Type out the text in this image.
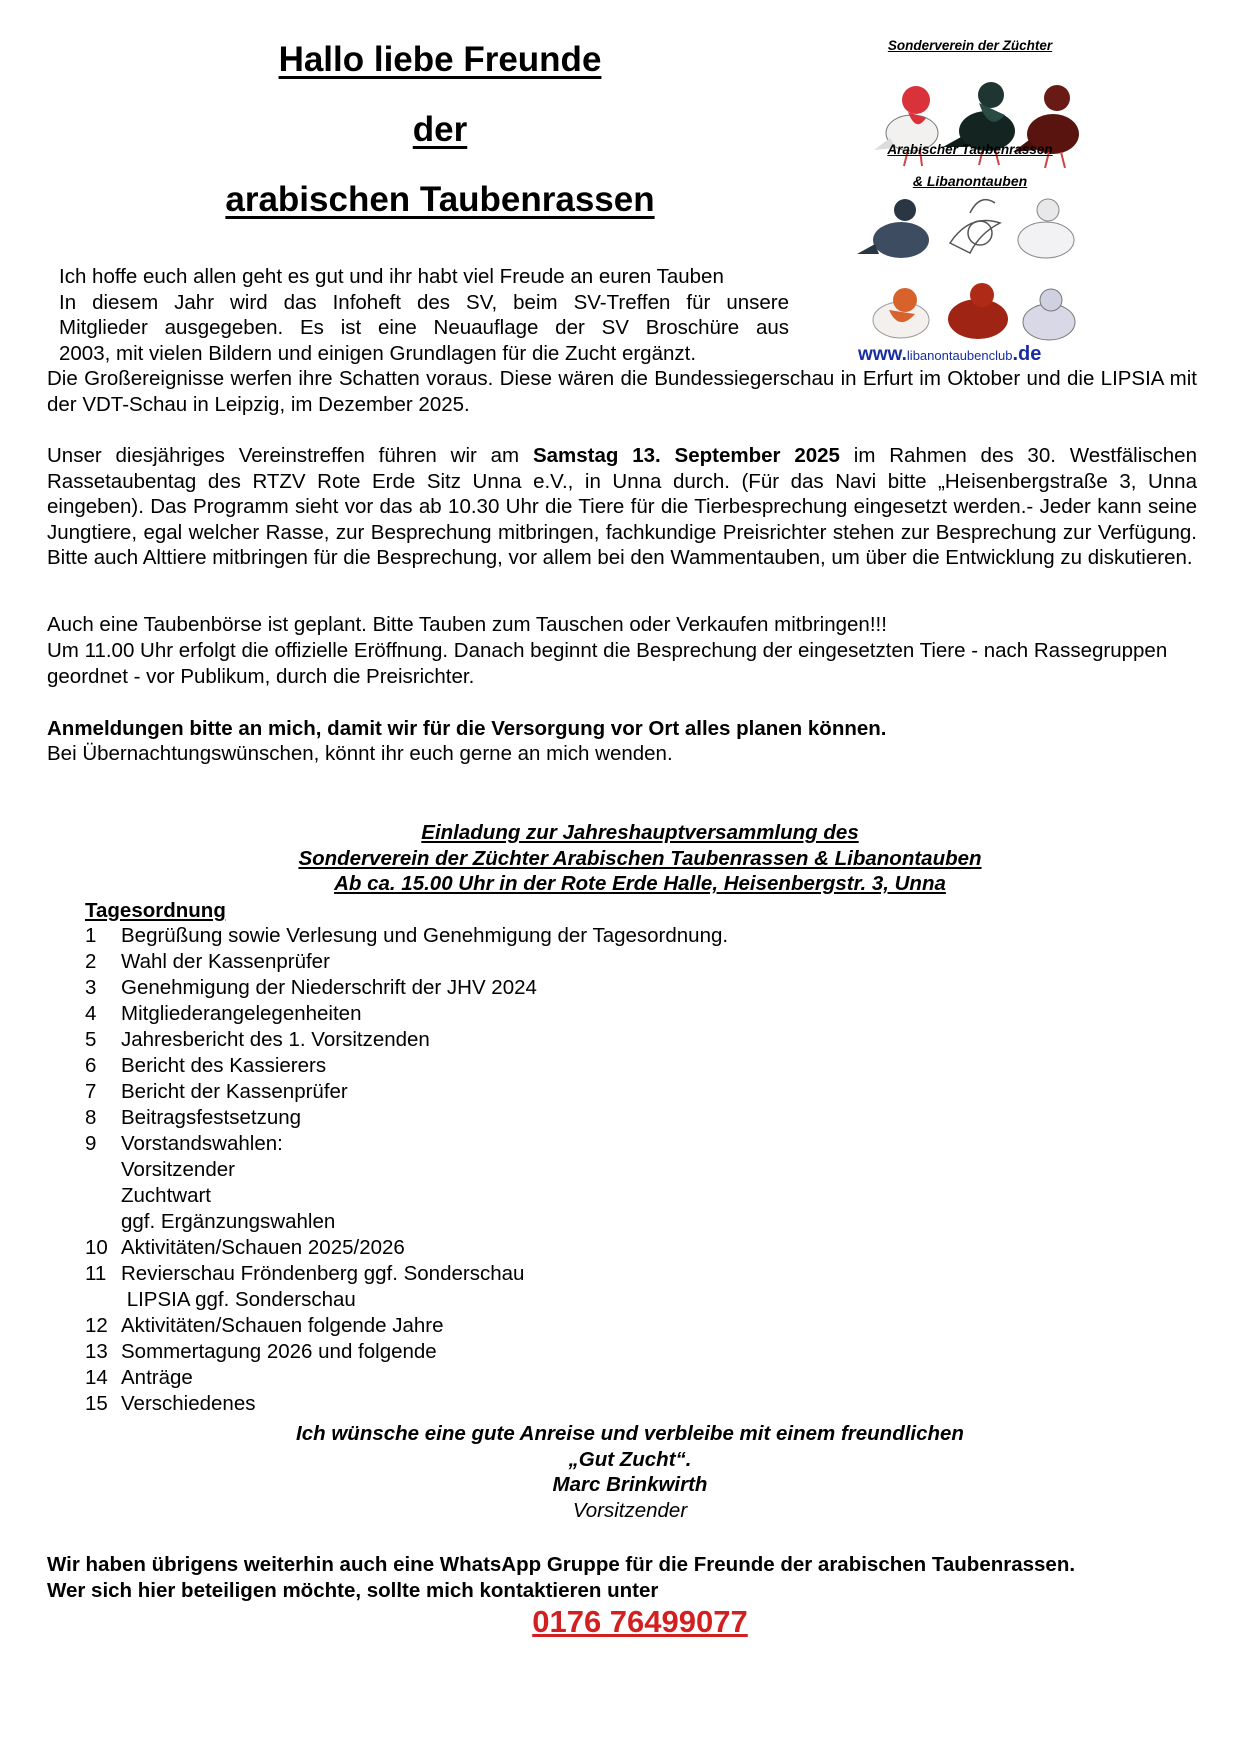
Hallo liebe Freunde
der
arabischen Taubenrassen
Sonderverein der Züchter
Arabischer Taubenrassen
& Libanontauben
www.libanontaubenclub.de
Ich hoffe euch allen geht es gut und ihr habt viel Freude an euren Tauben
In diesem Jahr wird das Infoheft des SV, beim SV-Treffen für unsere
Mitglieder ausgegeben. Es ist eine Neuauflage der SV Broschüre aus
2003, mit vielen Bildern und einigen Grundlagen für die Zucht ergänzt.
Die Großereignisse werfen ihre Schatten voraus. Diese wären die Bundessiegerschau in Erfurt im Oktober und die LIPSIA mit der VDT-Schau in Leipzig, im Dezember 2025.
Unser diesjähriges Vereinstreffen führen wir am Samstag 13. September 2025 im Rahmen des 30. Westfälischen Rassetaubentag des RTZV Rote Erde Sitz Unna e.V., in Unna durch. (Für das Navi bitte „Heisenbergstraße 3, Unna eingeben). Das Programm sieht vor das ab 10.30 Uhr die Tiere für die Tierbesprechung eingesetzt werden.- Jeder kann seine Jungtiere, egal welcher Rasse, zur Besprechung mitbringen, fachkundige Preisrichter stehen zur Besprechung zur Verfügung. Bitte auch Alttiere mitbringen für die Besprechung, vor allem bei den Wammentauben, um über die Entwicklung zu diskutieren.
Auch eine Taubenbörse ist geplant. Bitte Tauben zum Tauschen oder Verkaufen mitbringen!!!
Um 11.00 Uhr erfolgt die offizielle Eröffnung. Danach beginnt die Besprechung der eingesetzten Tiere - nach Rassegruppen geordnet - vor Publikum, durch die Preisrichter.
Anmeldungen bitte an mich, damit wir für die Versorgung vor Ort alles planen können.
Bei Übernachtungswünschen, könnt ihr euch gerne an mich wenden.
Einladung zur Jahreshauptversammlung des
Sonderverein der Züchter Arabischen Taubenrassen & Libanontauben
Ab ca. 15.00 Uhr in der Rote Erde Halle, Heisenbergstr. 3, Unna
Tagesordnung
1	Begrüßung sowie Verlesung und Genehmigung der Tagesordnung.
2	Wahl der Kassenprüfer
3	Genehmigung der Niederschrift der JHV 2024
4	Mitgliederangelegenheiten
5	Jahresbericht des 1. Vorsitzenden
6	Bericht des Kassierers
7	Bericht der Kassenprüfer
8	Beitragsfestsetzung
9	Vorstandswahlen:
Vorsitzender
Zuchtwart
ggf. Ergänzungswahlen
10 Aktivitäten/Schauen 2025/2026
11 Revierschau Fröndenberg ggf. Sonderschau
LIPSIA ggf. Sonderschau
12 Aktivitäten/Schauen folgende Jahre
13 Sommertagung 2026 und folgende
14 Anträge
15 Verschiedenes
Ich wünsche eine gute Anreise und verbleibe mit einem freundlichen
„Gut Zucht“.
Marc Brinkwirth
Vorsitzender
Wir haben übrigens weiterhin auch eine WhatsApp Gruppe für die Freunde der arabischen Taubenrassen.
Wer sich hier beteiligen möchte, sollte mich kontaktieren unter
0176 76499077
